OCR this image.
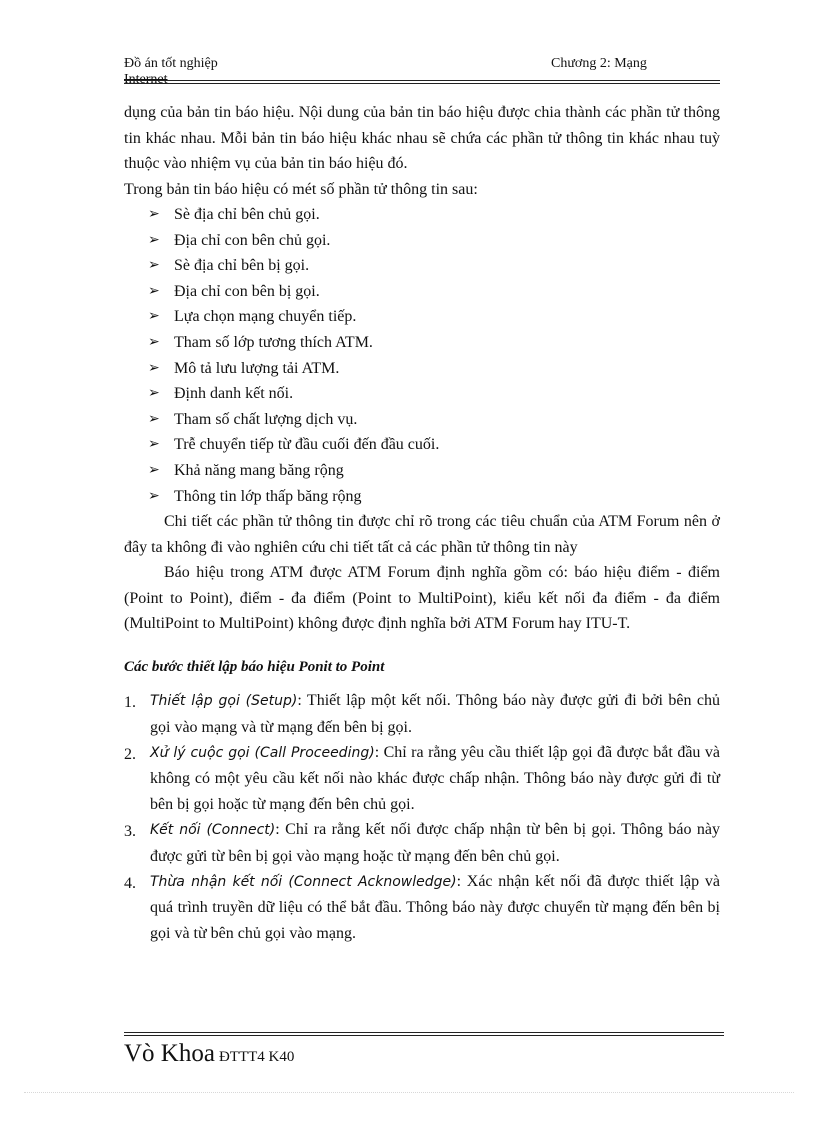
Đồ án tốt nghiệp
Internet
Chương 2: Mạng

dụng của bản tin báo hiệu. Nội dung của bản tin báo hiệu được chia thành các phần tử thông tin khác nhau. Mỗi bản tin báo hiệu khác nhau sẽ chứa các phần tử thông tin khác nhau tuỳ thuộc vào nhiệm vụ của bản tin báo hiệu đó.

Trong bản tin báo hiệu có mét số phần tử thông tin sau:

➢ Sè địa chỉ bên chủ gọi.
➢ Địa chỉ con bên chủ gọi.
➢ Sè địa chỉ bên bị gọi.
➢ Địa chỉ con bên bị gọi.
➢ Lựa chọn mạng chuyển tiếp.
➢ Tham số lớp tương thích ATM.
➢ Mô tả lưu lượng tải ATM.
➢ Định danh kết nối.
➢ Tham số chất lượng dịch vụ.
➢ Trễ chuyển tiếp từ đầu cuối đến đầu cuối.
➢ Khả năng mang băng rộng
➢ Thông tin lớp thấp băng rộng

Chi tiết các phần tử thông tin được chỉ rõ trong các tiêu chuẩn của ATM Forum nên ở đây ta không đi vào nghiên cứu chi tiết tất cả các phần tử thông tin này

Báo hiệu trong ATM được ATM Forum định nghĩa gồm có: báo hiệu điểm - điểm (Point to Point), điểm - đa điểm (Point to MultiPoint), kiểu kết nối đa điểm - đa điểm (MultiPoint to MultiPoint) không được định nghĩa bởi ATM Forum hay ITU-T.

Các bước thiết lập báo hiệu Ponit to Point
1. Thiết lập gọi (Setup): Thiết lập một kết nối. Thông báo này được gửi đi bởi bên chủ gọi vào mạng và từ mạng đến bên bị gọi.
2. Xử lý cuộc gọi (Call Proceeding): Chỉ ra rằng yêu cầu thiết lập gọi đã được bắt đầu và không có một yêu cầu kết nối nào khác được chấp nhận. Thông báo này được gửi đi từ bên bị gọi hoặc từ mạng đến bên chủ gọi.
3. Kết nối (Connect): Chỉ ra rằng kết nối được chấp nhận từ bên bị gọi. Thông báo này được gửi từ bên bị gọi vào mạng hoặc từ mạng đến bên chủ gọi.
4. Thừa nhận kết nối (Connect Acknowledge): Xác nhận kết nối đã được thiết lập và quá trình truyền dữ liệu có thể bắt đầu. Thông báo này được chuyển từ mạng đến bên bị gọi và từ bên chủ gọi vào mạng.
Vò Khoa ĐTTT4 K40
